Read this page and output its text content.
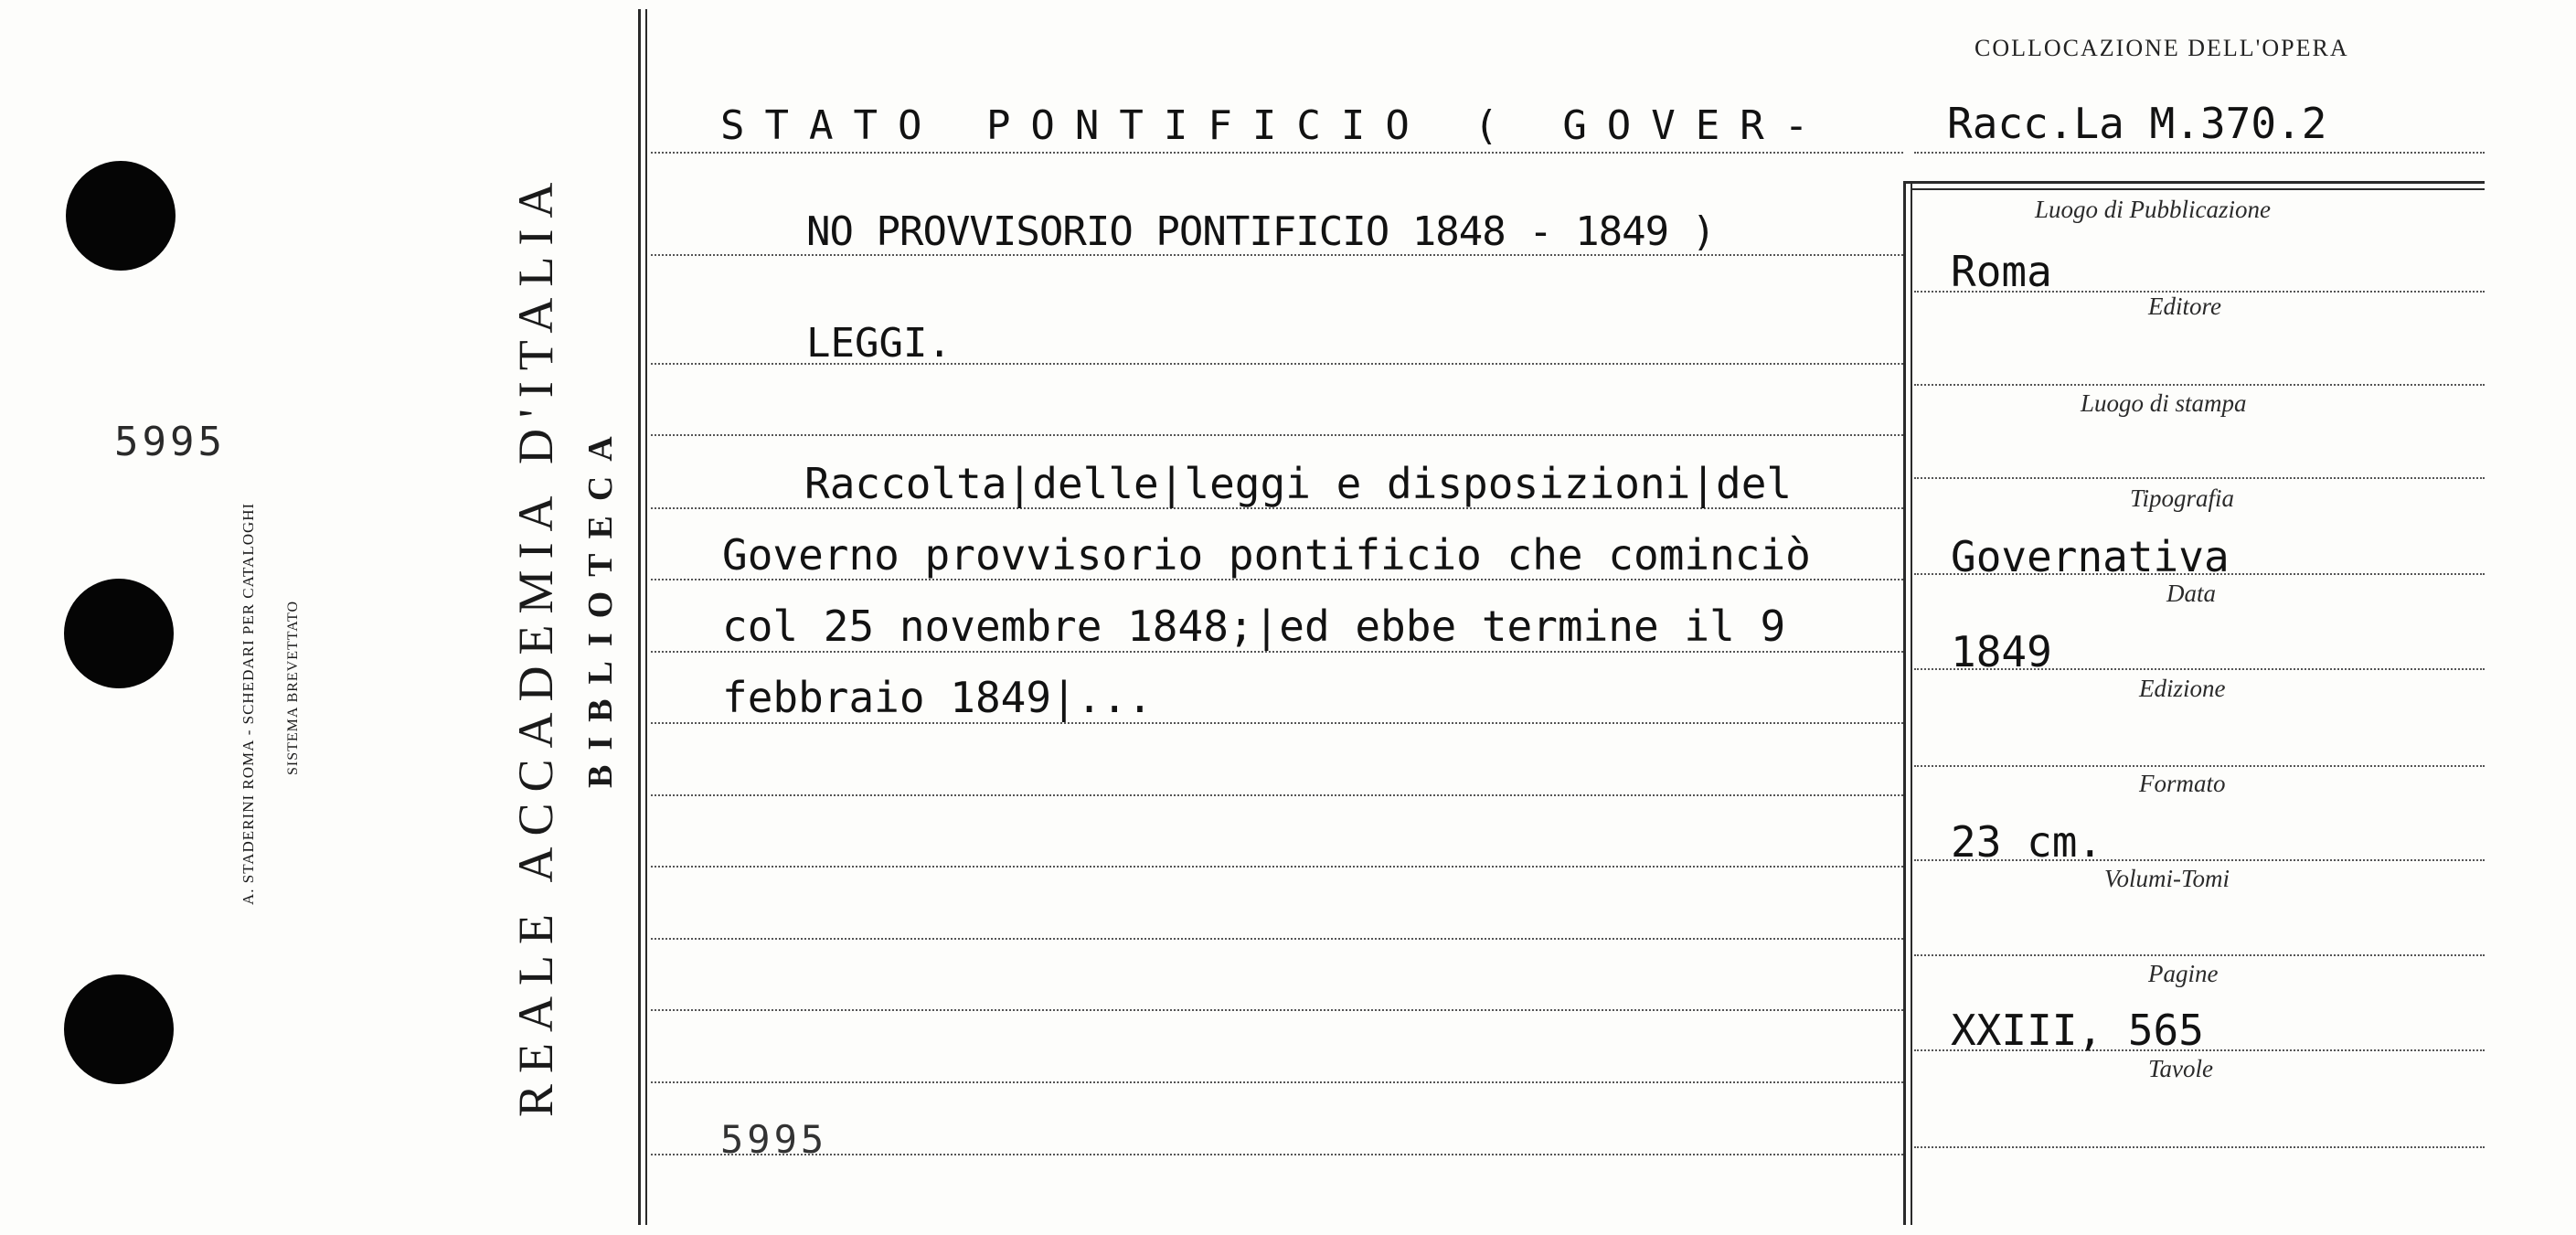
5995
A. STADERINI ROMA - SCHEDARI PER CATALOGHI SISTEMA BREVETTATO	REALE ACCADEMIA D'ITALIA BIBLIOTECA
COLLOCAZIONE DELL'OPERA
Racc.La M.370.2
STATO PONTIFICIO ( GOVER-
NO PROVVISORIO PONTIFICIO 1848 - 1849 )
LEGGI.
Raccolta|delle|leggi e disposizioni|del
Governo provvisorio pontificio che cominciò
col 25 novembre 1848;|ed ebbe termine il 9
febbraio 1849|...
5995
Luogo di Pubblicazione
Roma
Editore
Luogo di stampa
Tipografia
Governativa
Data
1849
Edizione
Formato
23 cm.
Volumi-Tomi
Pagine
XXIII, 565
Tavole
